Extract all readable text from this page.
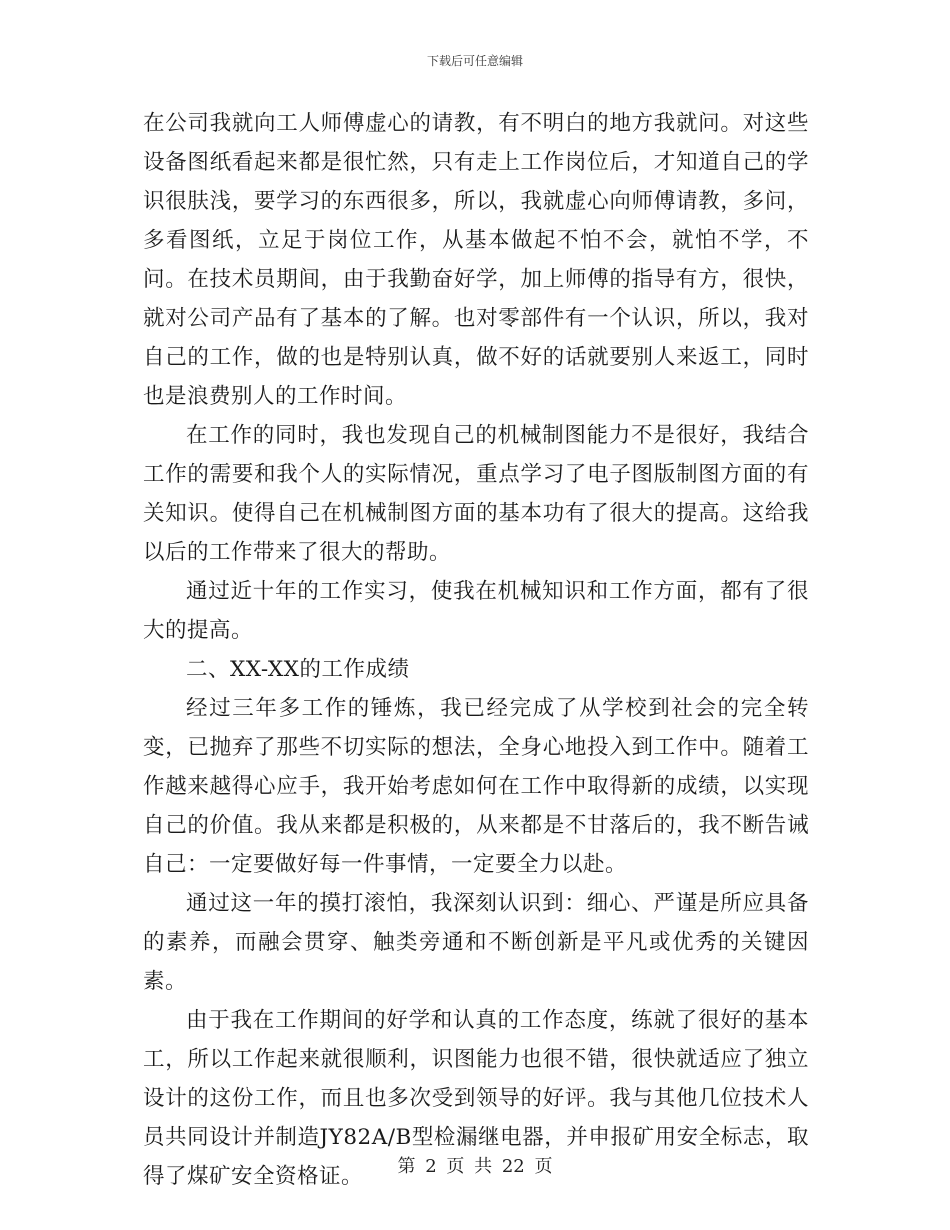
下载后可任意编辑

在公司我就向工人师傅虚心的请教，有不明白的地方我就问。对这些设备图纸看起来都是很忙然，只有走上工作岗位后，才知道自己的学识很肤浅，要学习的东西很多，所以，我就虚心向师傅请教，多问，多看图纸，立足于岗位工作，从基本做起不怕不会，就怕不学，不问。在技术员期间，由于我勤奋好学，加上师傅的指导有方，很快，就对公司产品有了基本的了解。也对零部件有一个认识，所以，我对自己的工作，做的也是特别认真，做不好的话就要别人来返工，同时也是浪费别人的工作时间。

在工作的同时，我也发现自己的机械制图能力不是很好，我结合工作的需要和我个人的实际情况，重点学习了电子图版制图方面的有关知识。使得自己在机械制图方面的基本功有了很大的提高。这给我以后的工作带来了很大的帮助。

通过近十年的工作实习，使我在机械知识和工作方面，都有了很大的提高。

二、XX-XX的工作成绩

经过三年多工作的锤炼，我已经完成了从学校到社会的完全转变，已抛弃了那些不切实际的想法，全身心地投入到工作中。随着工作越来越得心应手，我开始考虑如何在工作中取得新的成绩，以实现自己的价值。我从来都是积极的，从来都是不甘落后的，我不断告诫自己：一定要做好每一件事情，一定要全力以赴。

通过这一年的摸打滚怕，我深刻认识到：细心、严谨是所应具备的素养，而融会贯穿、触类旁通和不断创新是平凡或优秀的关键因素。

由于我在工作期间的好学和认真的工作态度，练就了很好的基本工，所以工作起来就很顺利，识图能力也很不错，很快就适应了独立设计的这份工作，而且也多次受到领导的好评。我与其他几位技术人员共同设计并制造JY82A/B型检漏继电器，并申报矿用安全标志，取得了煤矿安全资格证。	第 2 页 共 22 页
